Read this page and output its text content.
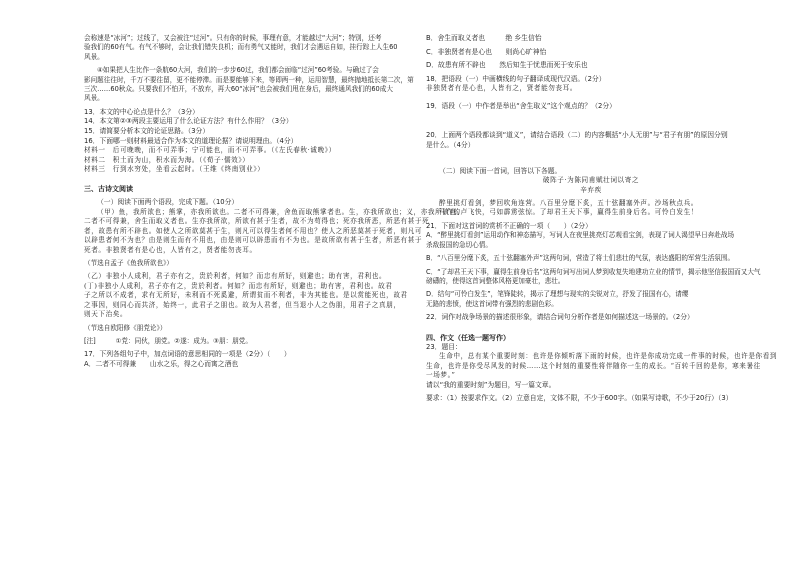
会称速是“冰河”；过线了，又会被注“过河”。只有你的时候，事理有意，才能越过“大河”；特别，还考
验我们的60有气。有气不够时，会让我们错失良机；而有勇气又能时，我们才会遇运自如，挂行踪上人生60
风景。
④如果把人生比作一条航60大河，我们的一步步60过，我们都会面临“过河”60考验。与确过了会
影问题往往时，千万不要往留，更不能停滞。而是要能够下来，等即两一种，运用智慧，最终抛地抵长第二次，第
三次……60秋众。只要我们不怕开，不放弃，再大60“冰河”也会被我们甩在身后，最终通风我们的60成大
风景。
13．本文的中心论点是什么？（3分）
14．本文第②③两段主要运用了什么论证方法？有什么作用？（3分）
15．请简要分析本文的论证思路。（3分）
16．下面哪一则材料最适合作为本文的道理论据？请说明理由。（4分）
材料一　后可晚晚，而不可弄事；宁可能也，而不可弄事。（《左氏春秋·诚晚》）
材料二　积土而为山，积水而为海。（《荀子·儒效》）
材料三　行到水穷处，坐看云起时。（王维《终南别业》）
三、古诗文阅读
（一）阅读下面两个语段，完成下题。（10分）
（甲）鱼，我所欲也；熊掌，亦我所欲也。二者不可得兼，舍鱼而取熊掌者也。生，亦我所欲也；义，亦我所欲也。
二者不可得兼，舍生而取义者也。生亦我所欲，所欲有甚于生者，故不为苟得也；死亦我所恶，所恶有甚于死
者，故患有所不辟也。如使人之所欲莫甚于生，则凡可以得生者何不用也？使人之所恶莫甚于死者，则凡可
以辟患者何不为也？由是则生而有不用也，由是则可以辟患而有不为也。是故所欲有甚于生者，所恶有甚于
死者。非独贤者有是心也，人皆有之，贤者能勿丧耳。
（节选自孟子《鱼我所欲也》）
（乙）非独小人成利，君子亦有之，贵於利者，何如？而忠有所好，则避也；助有害，君利也。
(丁)非独小人成利，君子亦有之，贵於利者。何如？而忠有所好，则避也；助有害，君利也。故君
子之所以不成者，求有无所好，未利而不死奚避，所谓贫而不利者，非为其能也。是以赏能死也，故君
之事因，则同心而共济，始终一，此君子之朋也。故为人君者，但当退小人之伪朋，用君子之真朋，
则天下治矣。
（节选自欧阳修《朋党论》）
[注]　　　①党：同伙，朋党。②遂：成为。③朋：朋党。
17．下列各组句子中，加点词语的意思相同的一项是（2分）（　　）
A．二者不可得兼　　山水之乐，得之心而寓之酒也
B．舍生而取义者也　　　绝 乡生信怡
C．非独贤者有是心也　　则尚心旷神怡
D．故患有所不辟也　　然后知生于忧患而死于安乐也
18．把语段（一）中画横线的句子翻译成现代汉语。（2分）
非独贤者有是心也，人皆有之，贤者能勿丧耳。
19．语段（一）中作者是举出“舍生取义”这个观点的？（2分）
20．上面两个语段都谈到“道义”，请结合语段（二）的内容概括“小人无朋”与“君子有朋”的原因分别
是什么。（4分）
（二）阅读下面一首词，回答以下各题。
破阵子·为陈同甫赋壮词以寄之
辛弃疾
醉里挑灯看剑，梦回吹角连营。八百里分麾下炙，五十弦翻塞外声。沙场秋点兵。
马作的卢飞快，弓如霹雳弦惊。了却君王天下事，赢得生前身后名。可怜白发生！
21．下面对这首词的赏析不正确的一项（　　）（2分）
A．“醉里挑灯看剑”运用动作和神态描写，写词人在夜里挑亮灯芯观看宝剑，表现了词人渴望早日奔赴战场
杀敌报国的急切心情。
B．“八百里分麾下炙，五十弦翻塞外声”这两句词，营造了将士们悲壮的气氛，表达盛阳的军营生活氛围。
C．“了却君王天下事，赢得生前身后名”这两句词写出词人梦到收复失地建功立业的情节，揭示他坚信报国而又大气
磅礴的，使得这首词整体风格更加豪壮，悲壮。
D．结句“可怜白发生”，笔锋陡转，揭示了理想与现实的尖锐对立，抒发了报国有心，请缨
无路的悲愤，使这首词带有强烈的悲剧色彩。
22．词作对战争场景的描述很形象，请结合词句分析作者是如何描述这一场景的。（2分）
四、作文（任选一题写作）
23．题目：
生命中，总有某个重要时刻：也许是你倾听落下雨的时候，也许是你成功完成一件事的时候，也许是你看到
生命，也许是你受尽风发的时候……这个时刻的重要性将伴随你一生的成长。“百转千回的是你，寒来暑往
一场梦。”
请以“我的重要时刻”为题目，写一篇文章。
要求：（1）按要求作文。（2）立意自定，文体不限，不少于600字。（如果写诗歌，不少于20行）（3）
